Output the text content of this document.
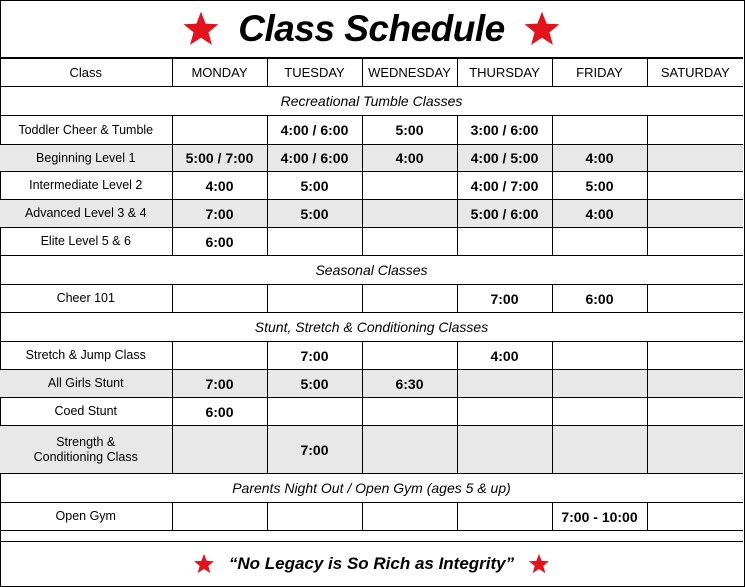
Class Schedule
Class	MONDAY	TUESDAY	WEDNESDAY	THURSDAY	FRIDAY	SATURDAY
Recreational Tumble Classes						
Toddler Cheer & Tumble		4:00 / 6:00	5:00	3:00 / 6:00		
Beginning Level 1	5:00 / 7:00	4:00 / 6:00	4:00	4:00 / 5:00	4:00	
Intermediate Level 2	4:00	5:00		4:00 / 7:00	5:00	
Advanced Level 3 & 4	7:00	5:00		5:00 / 6:00	4:00	
Elite Level 5 & 6	6:00					
Seasonal Classes						
Cheer 101				7:00	6:00	
Stunt, Stretch & Conditioning Classes						
Stretch & Jump Class		7:00		4:00		
All Girls Stunt	7:00	5:00	6:30			
Coed Stunt	6:00					
Strength & Conditioning Class		7:00				
Parents Night Out / Open Gym (ages 5 & up)						
Open Gym					7:00 - 10:00	
“No Legacy is So Rich as Integrity”
